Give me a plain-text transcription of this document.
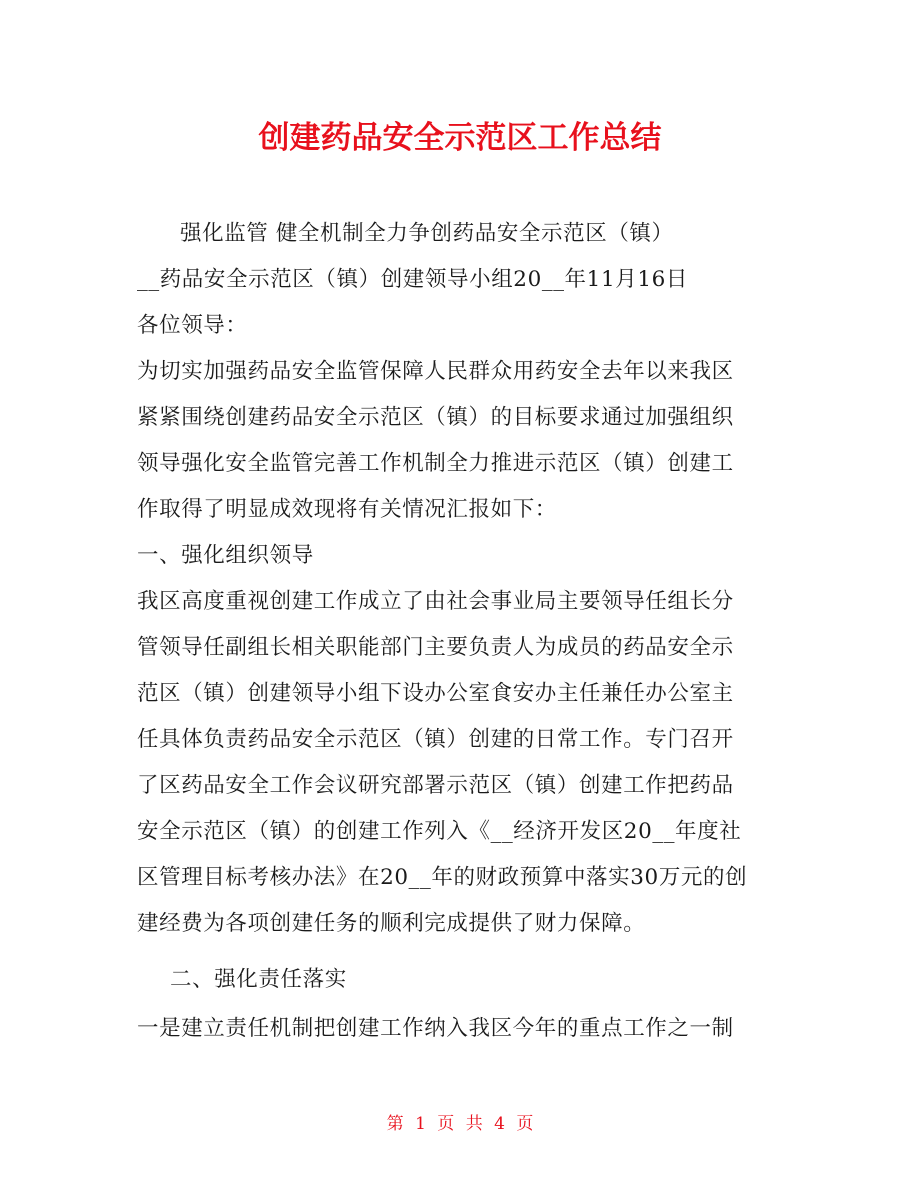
创建药品安全示范区工作总结
强化监管 健全机制全力争创药品安全示范区（镇）
__药品安全示范区（镇）创建领导小组20__年11月16日
各位领导：
为切实加强药品安全监管保障人民群众用药安全去年以来我区
紧紧围绕创建药品安全示范区（镇）的目标要求通过加强组织
领导强化安全监管完善工作机制全力推进示范区（镇）创建工
作取得了明显成效现将有关情况汇报如下：
一、强化组织领导
我区高度重视创建工作成立了由社会事业局主要领导任组长分
管领导任副组长相关职能部门主要负责人为成员的药品安全示
范区（镇）创建领导小组下设办公室食安办主任兼任办公室主
任具体负责药品安全示范区（镇）创建的日常工作。专门召开
了区药品安全工作会议研究部署示范区（镇）创建工作把药品
安全示范区（镇）的创建工作列入《__经济开发区20__年度社
区管理目标考核办法》在20__年的财政预算中落实30万元的创
建经费为各项创建任务的顺利完成提供了财力保障。
二、强化责任落实
一是建立责任机制把创建工作纳入我区今年的重点工作之一制
第 1 页 共 4 页
